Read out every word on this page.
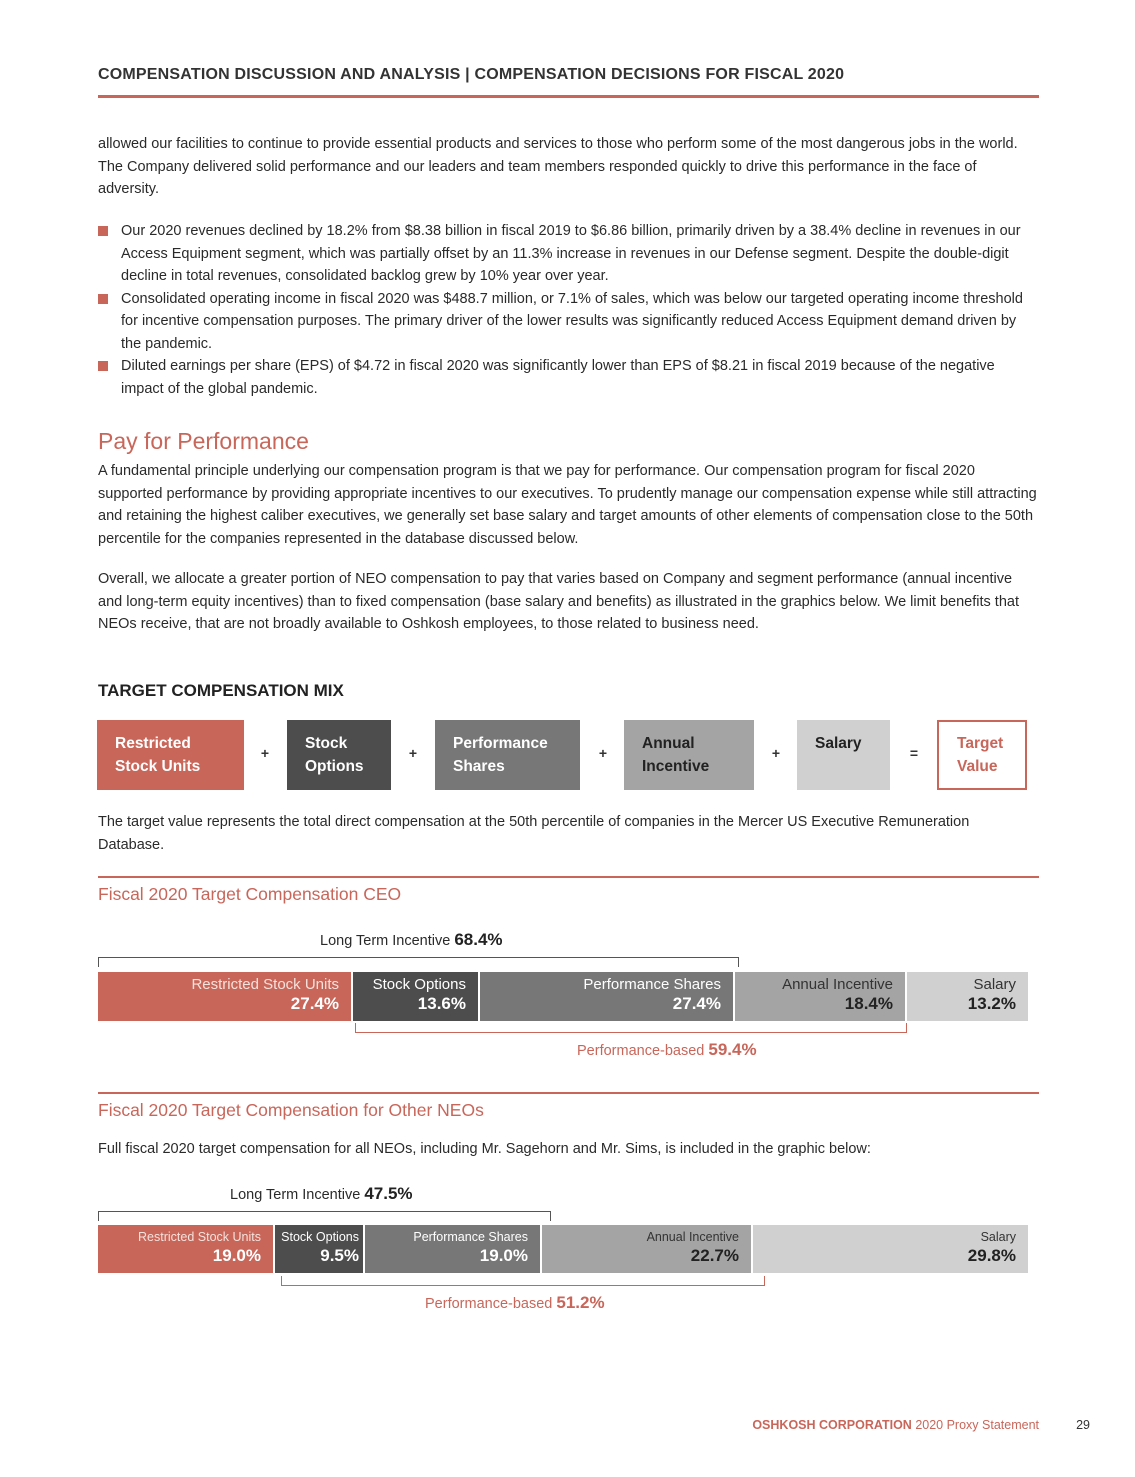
COMPENSATION DISCUSSION AND ANALYSIS | COMPENSATION DECISIONS FOR FISCAL 2020
allowed our facilities to continue to provide essential products and services to those who perform some of the most dangerous jobs in the world. The Company delivered solid performance and our leaders and team members responded quickly to drive this performance in the face of adversity.
Our 2020 revenues declined by 18.2% from $8.38 billion in fiscal 2019 to $6.86 billion, primarily driven by a 38.4% decline in revenues in our Access Equipment segment, which was partially offset by an 11.3% increase in revenues in our Defense segment. Despite the double-digit decline in total revenues, consolidated backlog grew by 10% year over year.
Consolidated operating income in fiscal 2020 was $488.7 million, or 7.1% of sales, which was below our targeted operating income threshold for incentive compensation purposes. The primary driver of the lower results was significantly reduced Access Equipment demand driven by the pandemic.
Diluted earnings per share (EPS) of $4.72 in fiscal 2020 was significantly lower than EPS of $8.21 in fiscal 2019 because of the negative impact of the global pandemic.
Pay for Performance
A fundamental principle underlying our compensation program is that we pay for performance. Our compensation program for fiscal 2020 supported performance by providing appropriate incentives to our executives. To prudently manage our compensation expense while still attracting and retaining the highest caliber executives, we generally set base salary and target amounts of other elements of compensation close to the 50th percentile for the companies represented in the database discussed below.
Overall, we allocate a greater portion of NEO compensation to pay that varies based on Company and segment performance (annual incentive and long-term equity incentives) than to fixed compensation (base salary and benefits) as illustrated in the graphics below. We limit benefits that NEOs receive, that are not broadly available to Oshkosh employees, to those related to business need.
TARGET COMPENSATION MIX
Restricted
Stock Units
+
Stock
Options
+
Performance
Shares
+
Annual
Incentive
+
Salary
=
Target
Value
The target value represents the total direct compensation at the 50th percentile of companies in the Mercer US Executive Remuneration Database.
Fiscal 2020 Target Compensation CEO
Long Term Incentive 68.4%
Restricted Stock Units
27.4%
Stock Options
13.6%
Performance Shares
27.4%
Annual Incentive
18.4%
Salary
13.2%
Performance-based 59.4%
Fiscal 2020 Target Compensation for Other NEOs
Full fiscal 2020 target compensation for all NEOs, including Mr. Sagehorn and Mr. Sims, is included in the graphic below:
Long Term Incentive 47.5%
Restricted Stock Units
19.0%
Stock Options
9.5%
Performance Shares
19.0%
Annual Incentive
22.7%
Salary
29.8%
Performance-based 51.2%
OSHKOSH CORPORATION 2020 Proxy Statement	29
